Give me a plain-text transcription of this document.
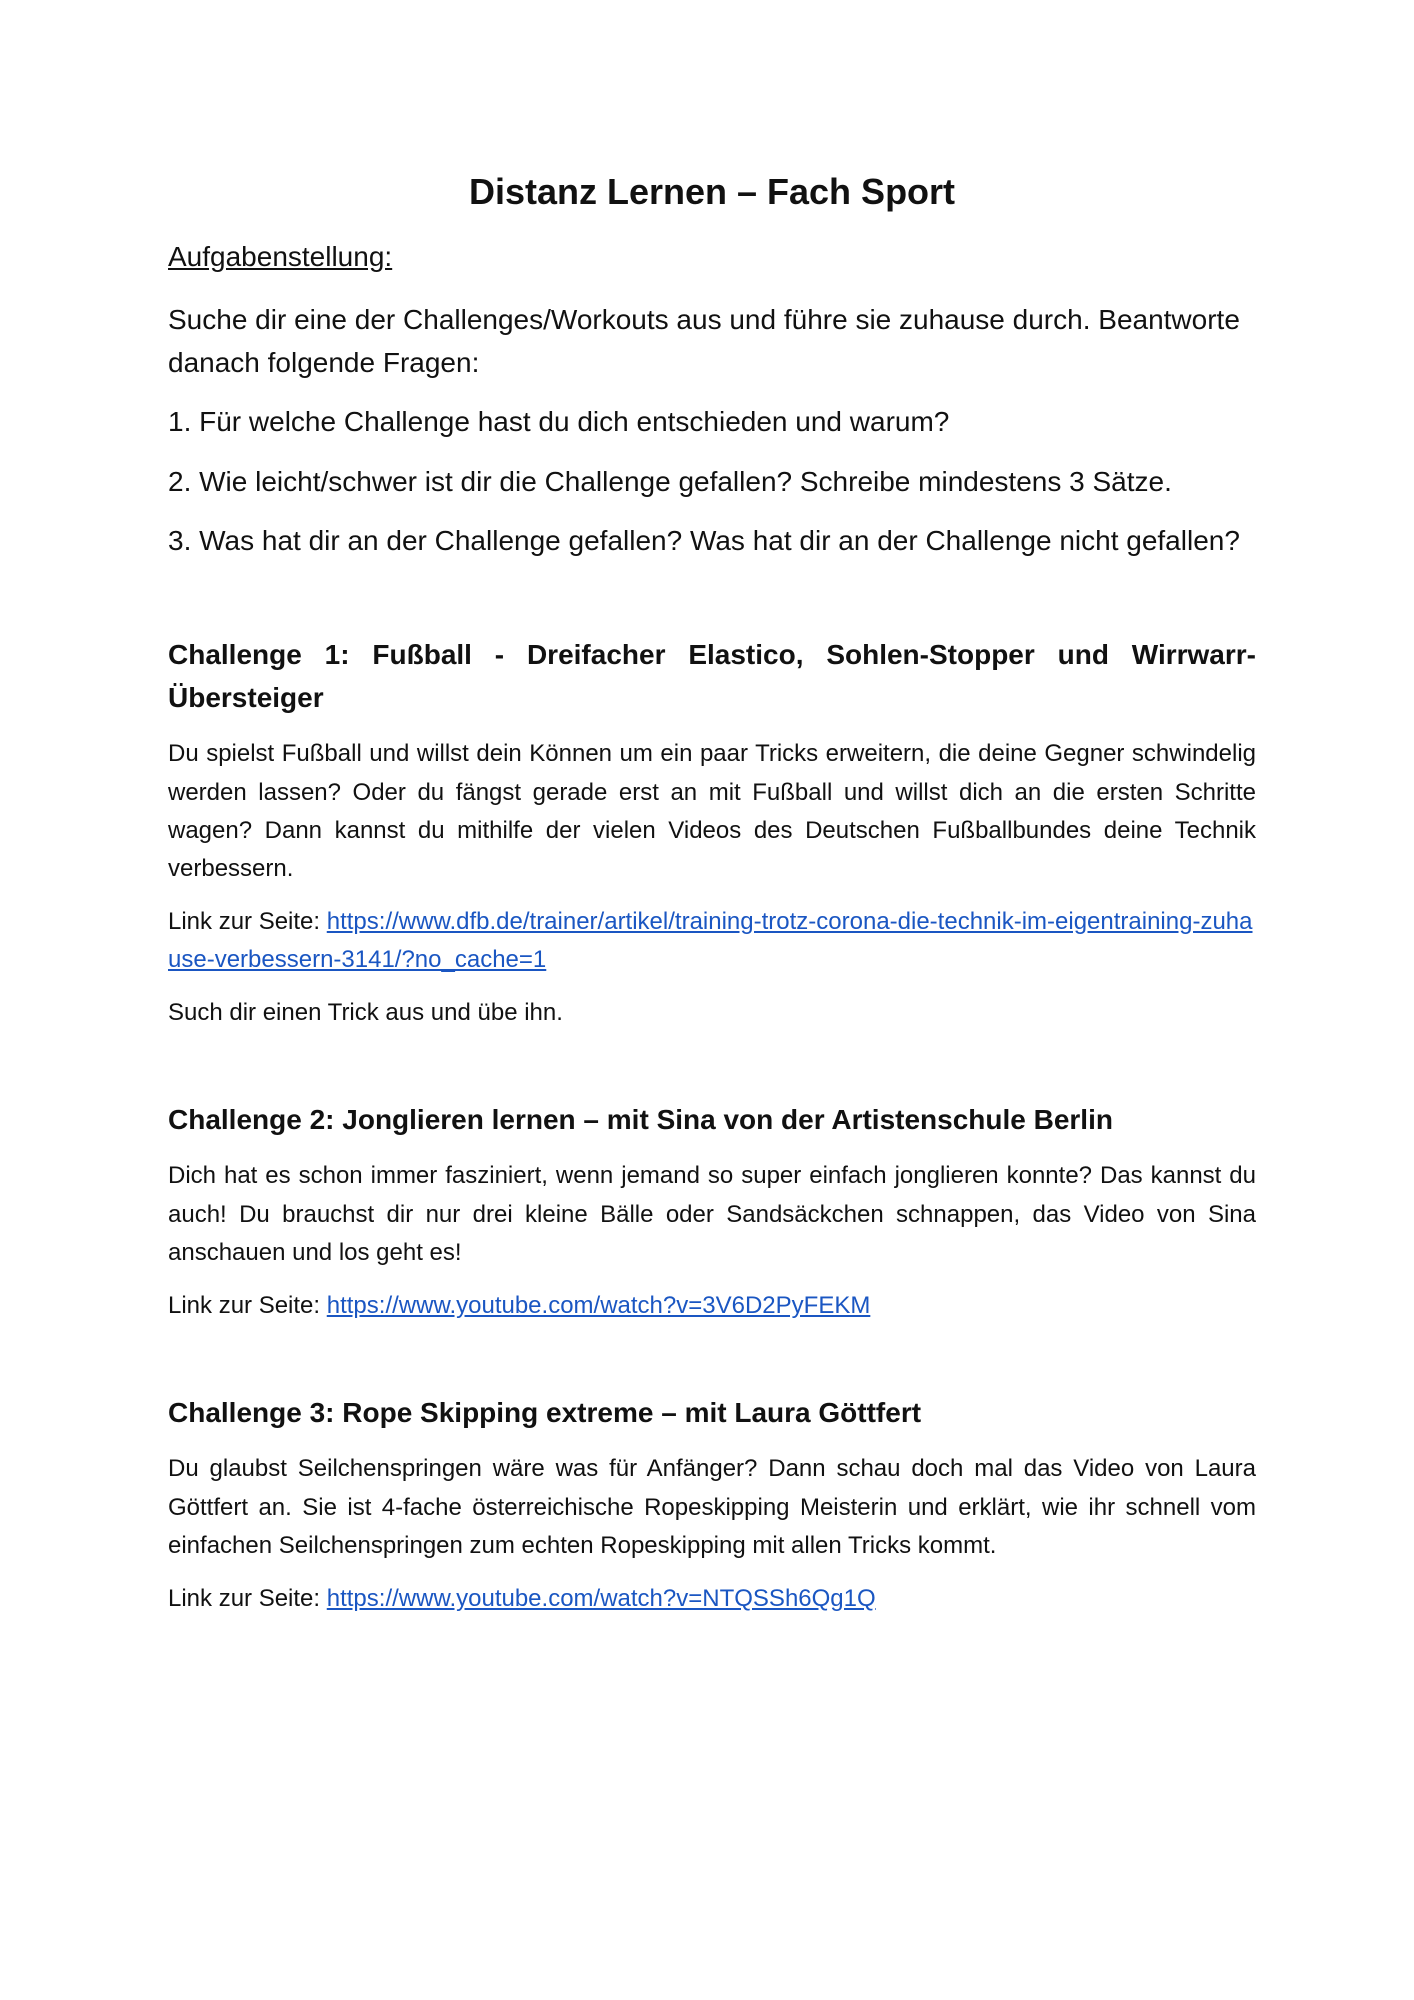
Distanz Lernen – Fach Sport
Aufgabenstellung:

Suche dir eine der Challenges/Workouts aus und führe sie zuhause durch. Beantworte danach folgende Fragen:

1. Für welche Challenge hast du dich entschieden und warum?

2. Wie leicht/schwer ist dir die Challenge gefallen? Schreibe mindestens 3 Sätze.

3. Was hat dir an der Challenge gefallen? Was hat dir an der Challenge nicht gefallen?

Challenge 1: Fußball - Dreifacher Elastico, Sohlen-Stopper und Wirrwarr-Übersteiger

Du spielst Fußball und willst dein Können um ein paar Tricks erweitern, die deine Gegner schwindelig werden lassen? Oder du fängst gerade erst an mit Fußball und willst dich an die ersten Schritte wagen? Dann kannst du mithilfe der vielen Videos des Deutschen Fußballbundes deine Technik verbessern.

Link zur Seite: https://www.dfb.de/trainer/artikel/training-trotz-corona-die-technik-im-eigentraining-zuhause-verbessern-3141/?no_cache=1

Such dir einen Trick aus und übe ihn.

Challenge 2: Jonglieren lernen – mit Sina von der Artistenschule Berlin

Dich hat es schon immer fasziniert, wenn jemand so super einfach jonglieren konnte? Das kannst du auch! Du brauchst dir nur drei kleine Bälle oder Sandsäckchen schnappen, das Video von Sina anschauen und los geht es!

Link zur Seite: https://www.youtube.com/watch?v=3V6D2PyFEKM

Challenge 3: Rope Skipping extreme – mit Laura Göttfert

Du glaubst Seilchenspringen wäre was für Anfänger? Dann schau doch mal das Video von Laura Göttfert an. Sie ist 4-fache österreichische Ropeskipping Meisterin und erklärt, wie ihr schnell vom einfachen Seilchenspringen zum echten Ropeskipping mit allen Tricks kommt.

Link zur Seite: https://www.youtube.com/watch?v=NTQSSh6Qg1Q
